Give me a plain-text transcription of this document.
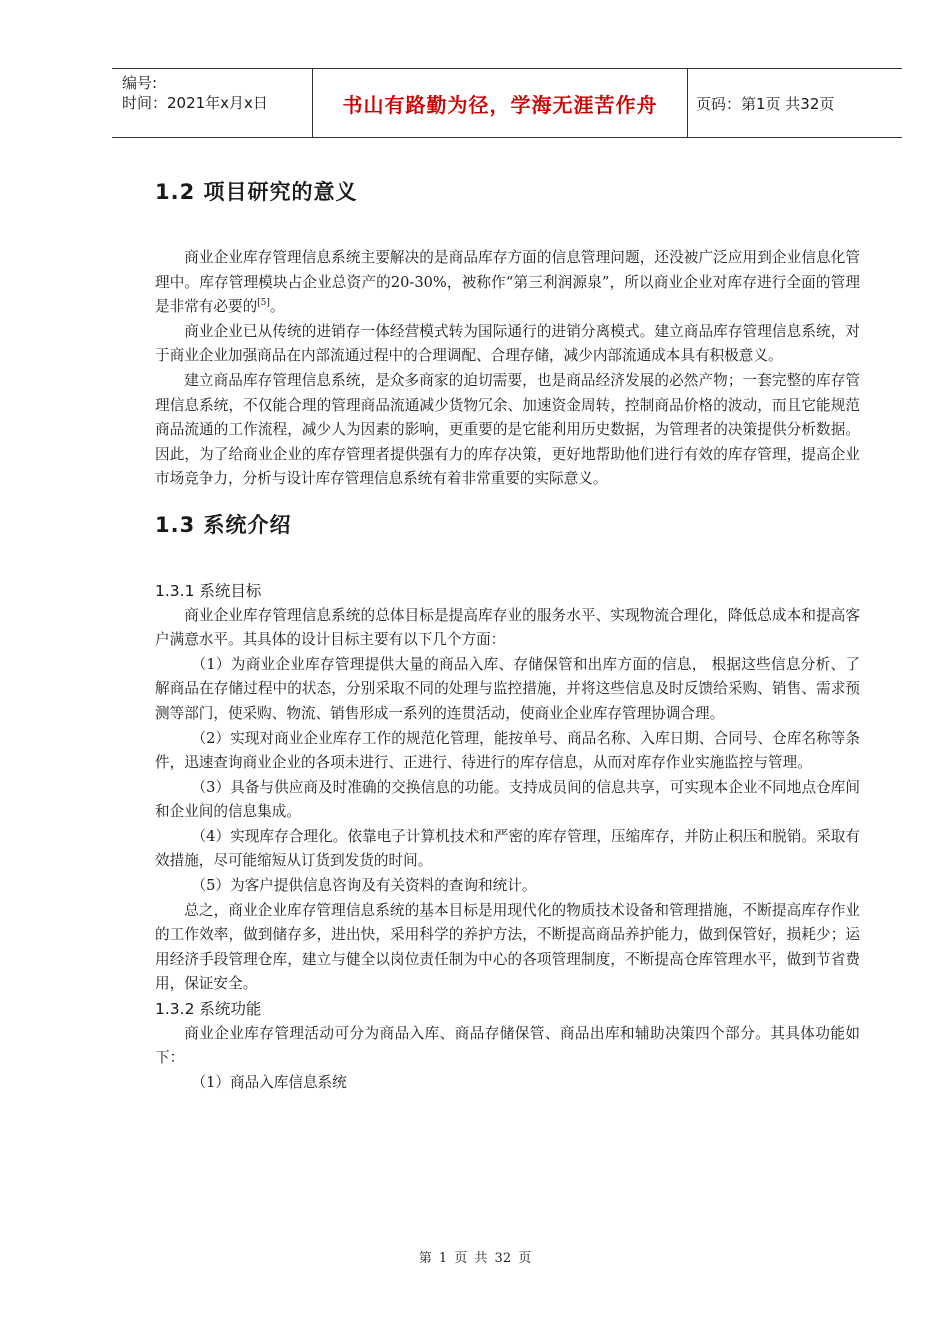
编号:
时间：2021年x月x日	书山有路勤为径，学海无涯苦作舟	页码：第1页 共32页
1.2 项目研究的意义

商业企业库存管理信息系统主要解决的是商品库存方面的信息管理问题，还没被广泛应用到企业信息化管理中。库存管理模块占企业总资产的20-30%，被称作“第三利润源泉”，所以商业企业对库存进行全面的管理是非常有必要的[5]。

商业企业已从传统的进销存一体经营模式转为国际通行的进销分离模式。建立商品库存管理信息系统，对于商业企业加强商品在内部流通过程中的合理调配、合理存储，减少内部流通成本具有积极意义。

建立商品库存管理信息系统，是众多商家的迫切需要，也是商品经济发展的必然产物；一套完整的库存管理信息系统，不仅能合理的管理商品流通减少货物冗余、加速资金周转，控制商品价格的波动，而且它能规范商品流通的工作流程，减少人为因素的影响，更重要的是它能利用历史数据，为管理者的决策提供分析数据。因此，为了给商业企业的库存管理者提供强有力的库存决策，更好地帮助他们进行有效的库存管理，提高企业市场竞争力，分析与设计库存管理信息系统有着非常重要的实际意义。

1.3 系统介绍
1.3.1 系统目标

商业企业库存管理信息系统的总体目标是提高库存业的服务水平、实现物流合理化，降低总成本和提高客户满意水平。其具体的设计目标主要有以下几个方面：

（1）为商业企业库存管理提供大量的商品入库、存储保管和出库方面的信息， 根据这些信息分析、了解商品在存储过程中的状态，分别采取不同的处理与监控措施，并将这些信息及时反馈给采购、销售、需求预测等部门，使采购、物流、销售形成一系列的连贯活动，使商业企业库存管理协调合理。

（2）实现对商业企业库存工作的规范化管理，能按单号、商品名称、入库日期、合同号、仓库名称等条件，迅速查询商业企业的各项未进行、正进行、待进行的库存信息，从而对库存作业实施监控与管理。

（3）具备与供应商及时准确的交换信息的功能。支持成员间的信息共享，可实现本企业不同地点仓库间和企业间的信息集成。

（4）实现库存合理化。依靠电子计算机技术和严密的库存管理，压缩库存，并防止积压和脱销。采取有效措施，尽可能缩短从订货到发货的时间。

（5）为客户提供信息咨询及有关资料的查询和统计。

总之，商业企业库存管理信息系统的基本目标是用现代化的物质技术设备和管理措施，不断提高库存作业的工作效率，做到储存多，进出快，采用科学的养护方法，不断提高商品养护能力，做到保管好，损耗少；运用经济手段管理仓库，建立与健全以岗位责任制为中心的各项管理制度，不断提高仓库管理水平，做到节省费用，保证安全。

1.3.2 系统功能

商业企业库存管理活动可分为商品入库、商品存储保管、商品出库和辅助决策四个部分。其具体功能如下：

（1）商品入库信息系统

第 1 页 共 32 页
